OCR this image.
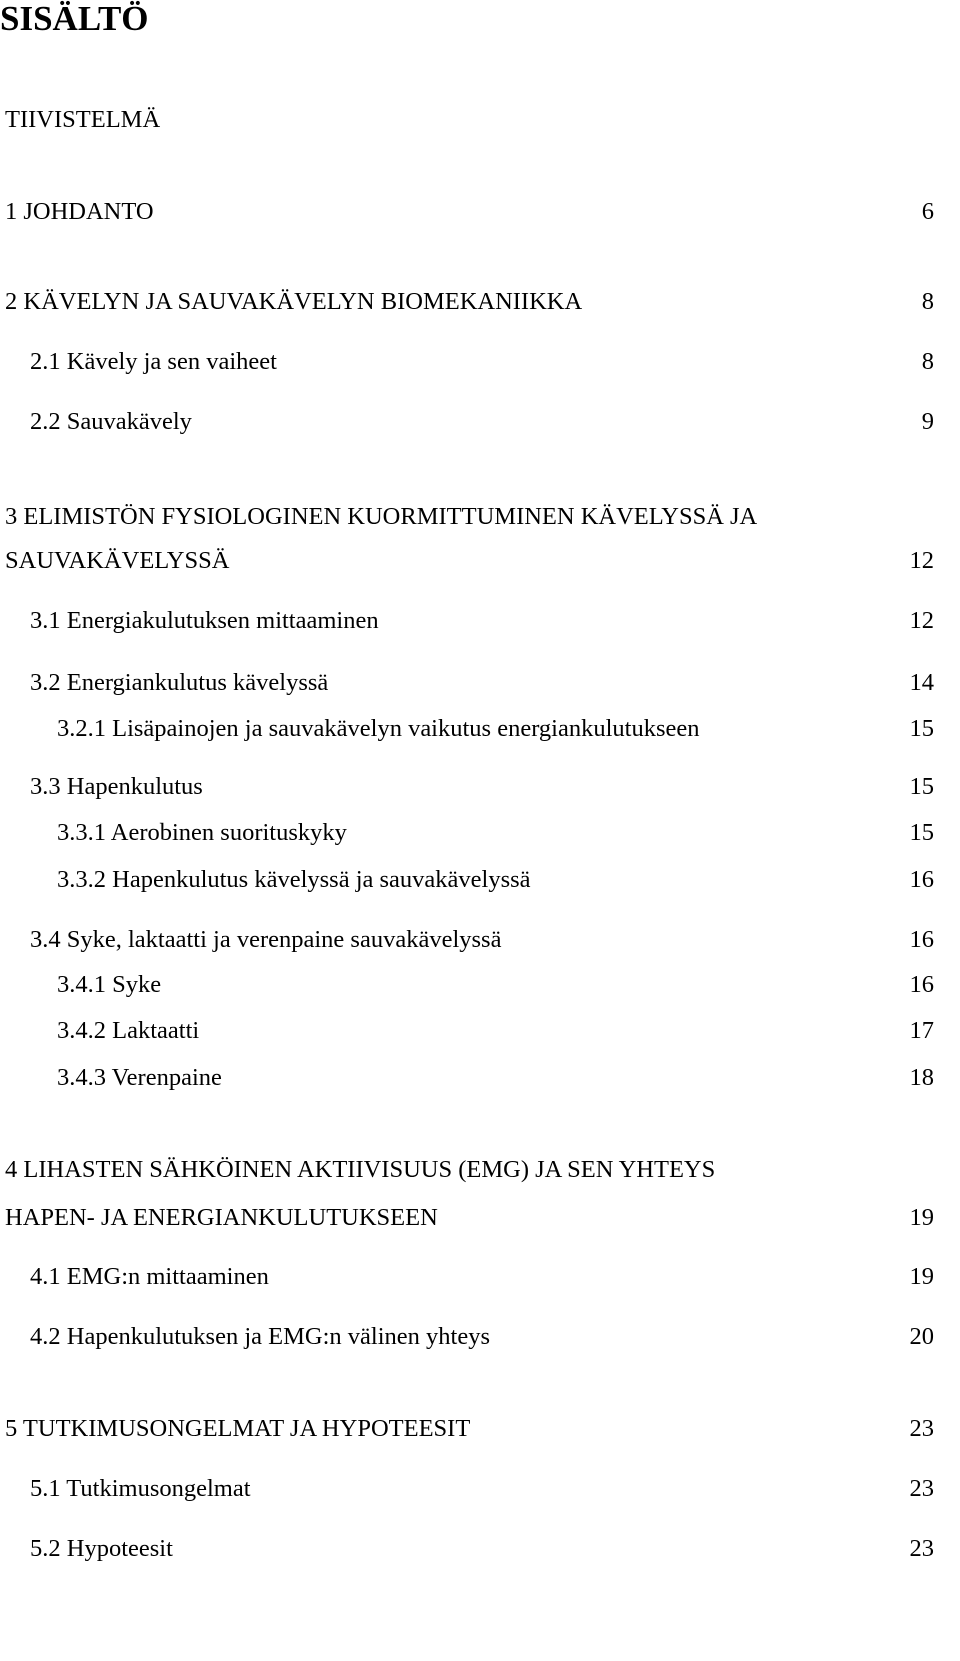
SISÄLTÖ
TIIVISTELMÄ
1 JOHDANTO	6
2 KÄVELYN JA SAUVAKÄVELYN BIOMEKANIIKKA	8
2.1 Kävely ja sen vaiheet	8
2.2 Sauvakävely	9
3 ELIMISTÖN FYSIOLOGINEN KUORMITTUMINEN KÄVELYSSÄ JA
SAUVAKÄVELYSSÄ	12
3.1 Energiakulutuksen mittaaminen	12
3.2 Energiankulutus kävelyssä	14
3.2.1 Lisäpainojen ja sauvakävelyn vaikutus energiankulutukseen	15
3.3 Hapenkulutus	15
3.3.1 Aerobinen suorituskyky	15
3.3.2 Hapenkulutus kävelyssä ja sauvakävelyssä	16
3.4 Syke, laktaatti ja verenpaine sauvakävelyssä	16
3.4.1 Syke	16
3.4.2 Laktaatti	17
3.4.3 Verenpaine	18
4 LIHASTEN SÄHKÖINEN AKTIIVISUUS (EMG) JA SEN YHTEYS
HAPEN- JA ENERGIANKULUTUKSEEN	19
4.1 EMG:n mittaaminen	19
4.2 Hapenkulutuksen ja EMG:n välinen yhteys	20
5 TUTKIMUSONGELMAT JA HYPOTEESIT	23
5.1 Tutkimusongelmat	23
5.2 Hypoteesit	23
